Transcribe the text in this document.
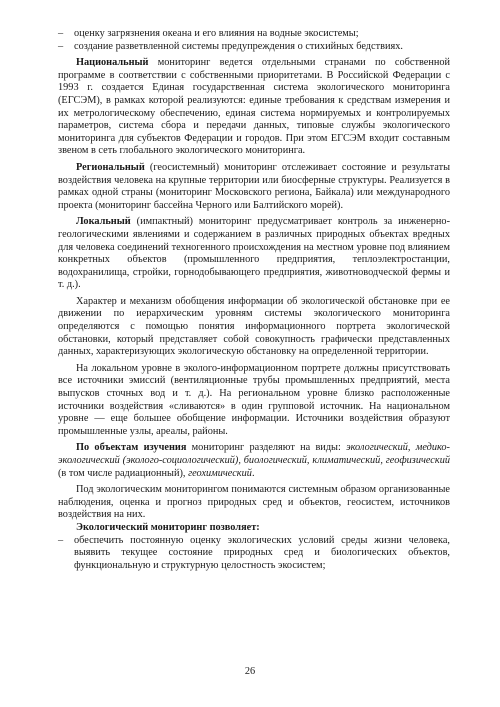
–	оценку загрязнения океана и его влияния на водные экосистемы;
–	создание разветвленной системы предупреждения о стихийных бедствиях.

Национальный мониторинг ведется отдельными странами по собственной программе в соответствии с собственными приоритетами. В Российской Федерации с 1993 г. создается Единая государственная система экологического мониторинга (ЕГСЭМ), в рамках которой реализуются: единые требования к средствам измерения и их метрологическому обеспечению, единая система нормируемых и контролируемых параметров, система сбора и передачи данных, типовые службы экологического мониторинга для субъектов Федерации и городов. При этом ЕГСЭМ входит составным звеном в сеть глобального экологического мониторинга.

Региональный (геосистемный) мониторинг отслеживает состояние и результаты воздействия человека на крупные территории или биосферные структуры. Реализуется в рамках одной страны (мониторинг Московского региона, Байкала) или международного проекта (мониторинг бассейна Черного или Балтийского морей).

Локальный (импактный) мониторинг предусматривает контроль за инженерно-геологическими явлениями и содержанием в различных природных объектах вредных для человека соединений техногенного происхождения на местном уровне под влиянием конкретных объектов (промышленного предприятия, теплоэлектростанции, водохранилища, стройки, горнодобывающего предприятия, животноводческой фермы и т. д.).

Характер и механизм обобщения информации об экологической обстановке при ее движении по иерархическим уровням системы экологического мониторинга определяются с помощью понятия информационного портрета экологической обстановки, который представляет собой совокупность графически представленных данных, характеризующих экологическую обстановку на определенной территории.

На локальном уровне в эколого-информационном портрете должны присутствовать все источники эмиссий (вентиляционные трубы промышленных предприятий, места выпусков сточных вод и т. д.). На региональном уровне близко расположенные источники воздействия «сливаются» в один групповой источник. На национальном уровне — еще большее обобщение информации. Источники воздействия образуют промышленные узлы, ареалы, районы.

По объектам изучения мониторинг разделяют на виды: экологический, медико-экологический (эколого-социологический), биологический, климатический, геофизический (в том числе радиационный), геохимический.

Под экологическим мониторингом понимаются системным образом организованные наблюдения, оценка и прогноз природных сред и объектов, геосистем, источников воздействия на них.

Экологический мониторинг позволяет:

–	обеспечить постоянную оценку экологических условий среды жизни человека, выявить текущее состояние природных сред и биологических объектов, функциональную и структурную целостность экосистем;
26
